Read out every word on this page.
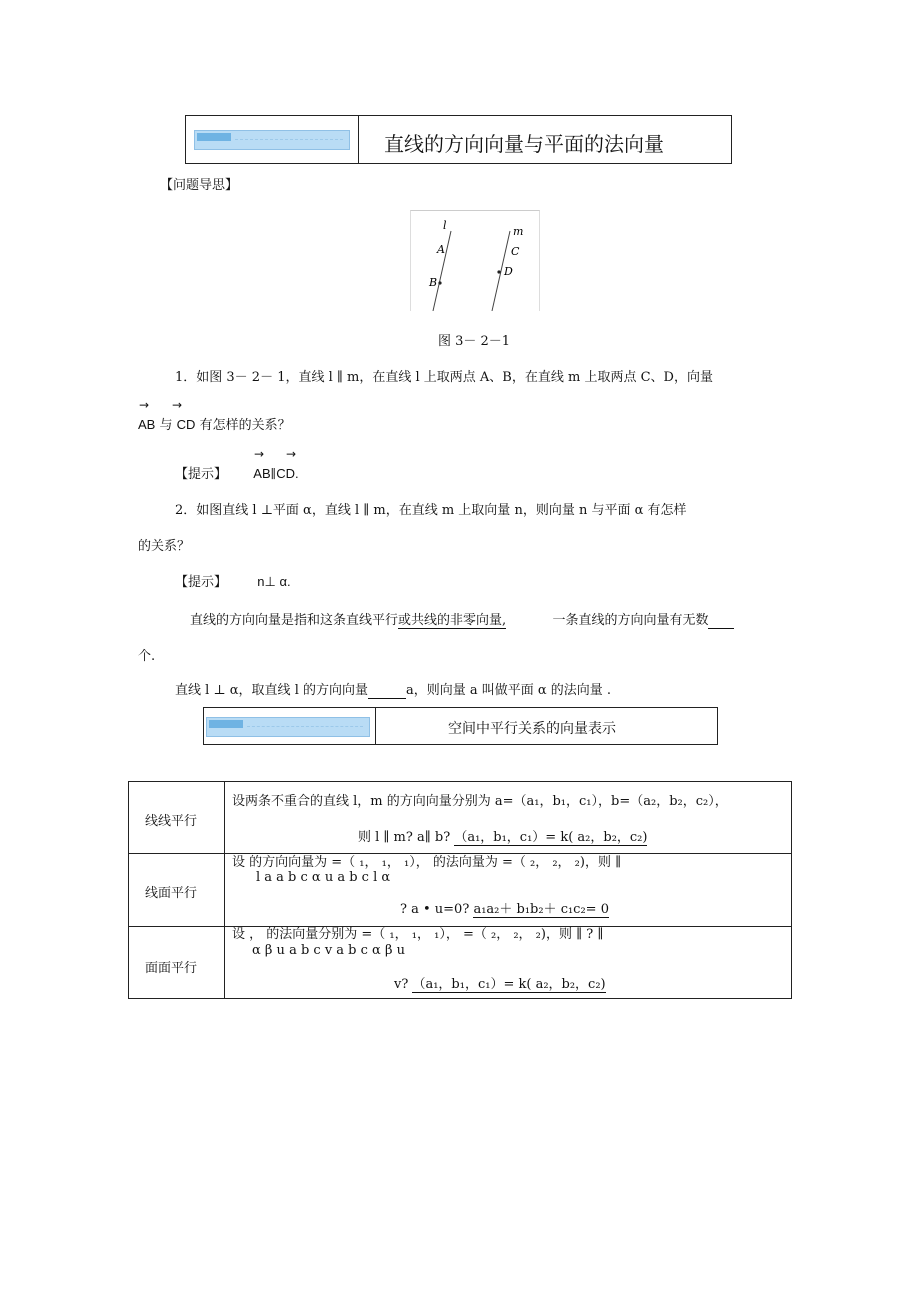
直线的方向向量与平面的法向量
【问题导思】
l
A
B
m
C
D
图 3－ 2－1
1．如图 3－ 2－ 1，直线 l ∥ m，在直线 l 上取两点 A、B，在直线 m 上取两点 C、D，向量
→ →
AB 与 CD 有怎样的关系？
→ →
【提示】 AB∥CD.
2．如图直线 l ⊥平面 α，直线 l ∥ m，在直线 m 上取向量 n，则向量 n 与平面 α 有怎样
的关系？
【提示】 n⊥ α.
直线的方向向量是指和这条直线平行或共线的非零向量,	一条直线的方向向量有无数
个.
直线 l ⊥ α，取直线 l 的方向向量	a，则向量 a 叫做平面 α 的法向量 .
空间中平行关系的向量表示
线线平行
设两条不重合的直线 l，m 的方向向量分别为 a=（a₁，b₁，c₁），b=（a₂，b₂，c₂），
则 l ∥ m? a∥ b? （a₁，b₁，c₁）= k( a₂，b₂，c₂)
线面平行
设 的方向向量为 =（ ₁， ₁， ₁）， 的法向量为 =（ ₂， ₂， ₂)，则 ∥
l a a b c α u a b c l α
? a • u=0? a₁a₂＋ b₁b₂＋ c₁c₂= 0
面面平行
设 ， 的法向量分别为 =（ ₁， ₁， ₁）， =（ ₂， ₂， ₂)，则 ∥ ? ∥
α β u a b c v a b c α β u
v? （a₁，b₁，c₁）= k( a₂，b₂，c₂)
